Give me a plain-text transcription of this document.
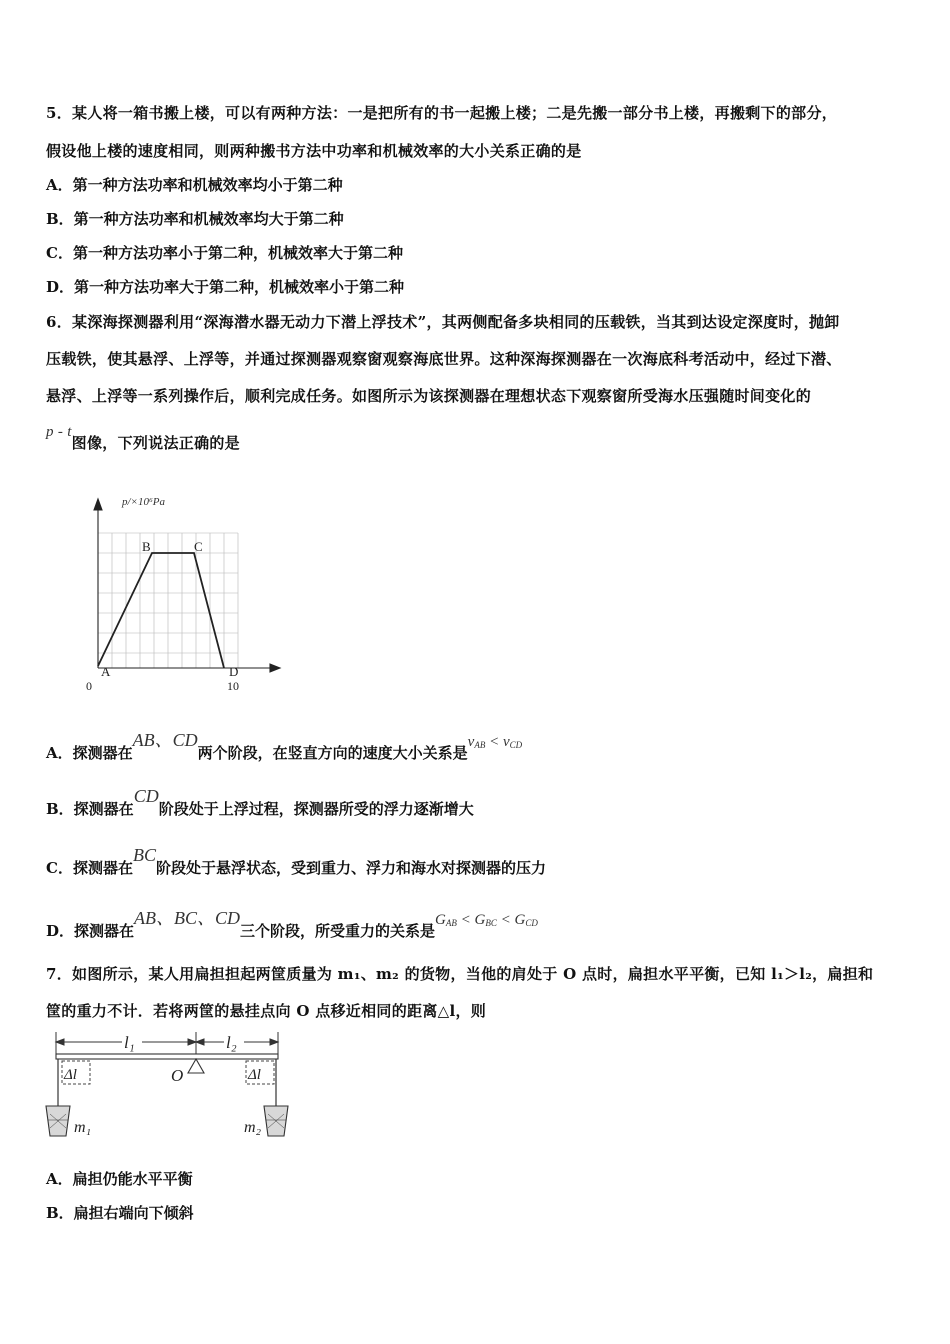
5．某人将一箱书搬上楼，可以有两种方法：一是把所有的书一起搬上楼；二是先搬一部分书上楼，再搬剩下的部分，
假设他上楼的速度相同，则两种搬书方法中功率和机械效率的大小关系正确的是
A．第一种方法功率和机械效率均小于第二种
B．第一种方法功率和机械效率均大于第二种
C．第一种方法功率小于第二种，机械效率大于第二种
D．第一种方法功率大于第二种，机械效率小于第二种
6．某深海探测器利用“深海潜水器无动力下潜上浮技术”，其两侧配备多块相同的压载铁，当其到达设定深度时，抛卸
压载铁，使其悬浮、上浮等，并通过探测器观察窗观察海底世界。这种深海探测器在一次海底科考活动中，经过下潜、
悬浮、上浮等一系列操作后，顺利完成任务。如图所示为该探测器在理想状态下观察窗所受海水压强随时间变化的
p - t图像，下列说法正确的是
p/×10⁶Pa
B	C
A	D
0	10
A．探测器在AB、CD两个阶段，在竖直方向的速度大小关系是$v_{AB} < v_{CD}$
B．探测器在CD阶段处于上浮过程，探测器所受的浮力逐渐增大
C．探测器在BC阶段处于悬浮状态，受到重力、浮力和海水对探测器的压力
D．探测器在AB、BC、CD三个阶段，所受重力的关系是$G_{AB} < G_{BC} < G_{CD}$
7．如图所示，某人用扁担担起两筐质量为 m₁、m₂ 的货物，当他的肩处于 O 点时，扁担水平平衡，已知 l₁＞l₂，扁担和
筐的重力不计．若将两筐的悬挂点向 O 点移近相同的距离△l，则
l₁	l₂
O
Δl	Δl
m₁	m₂
A．扁担仍能水平平衡
B．扁担右端向下倾斜
